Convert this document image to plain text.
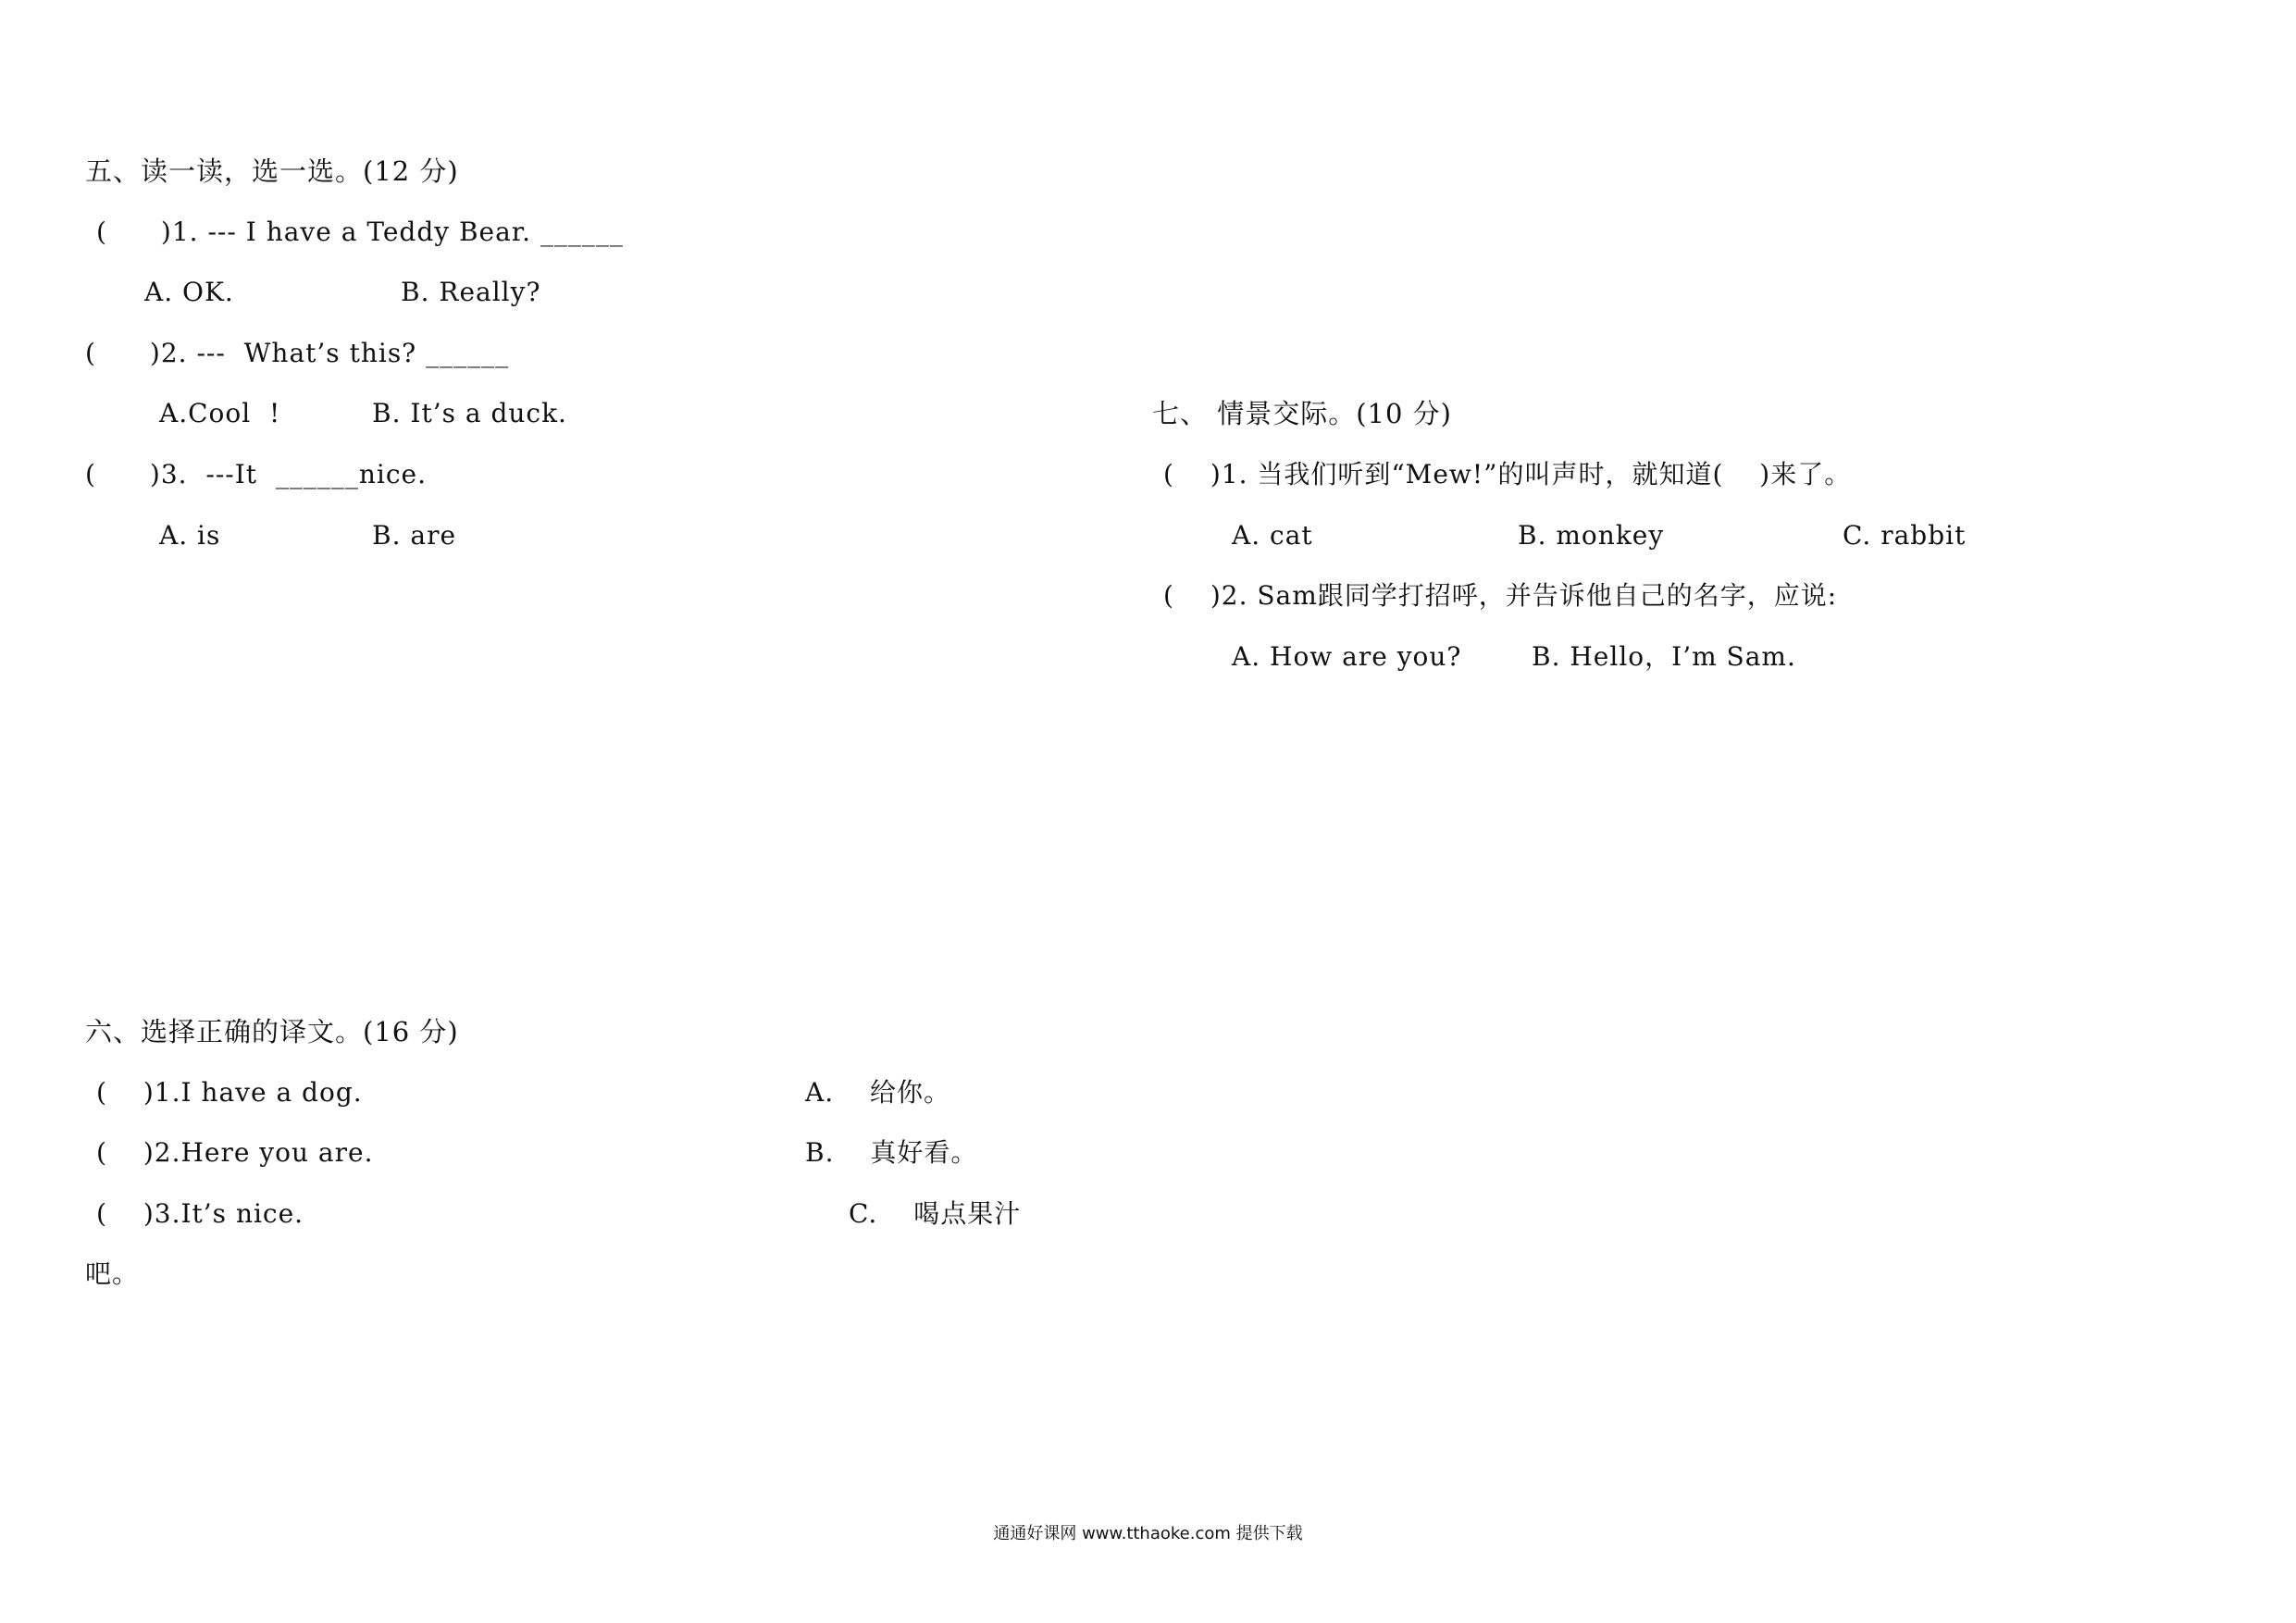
五、读一读，选一选。(12 分)
(　　)1. --- I have a Teddy Bear. ______
A. OK.	B. Really?
(　　)2. ---  What’s this? ______
A.Cool  !	B. It’s a duck.
(　　)3.  ---It  ______nice.
A. is	B. are
六、选择正确的译文。(16 分)
(　 )1.I have a dog.	A.　 给你。
(　 )2.Here you are.	B.　 真好看。
(　 )3.It’s nice.	C.　 喝点果汁
吧。
七、 情景交际。(10 分)
(　 )1. 当我们听到“Mew!”的叫声时，就知道(　 )来了。
A. cat	B. monkey	C. rabbit
(　 )2. Sam跟同学打招呼，并告诉他自己的名字，应说:
A. How are you?	B. Hello，I’m Sam.
通通好课网 www.tthaoke.com 提供下载
